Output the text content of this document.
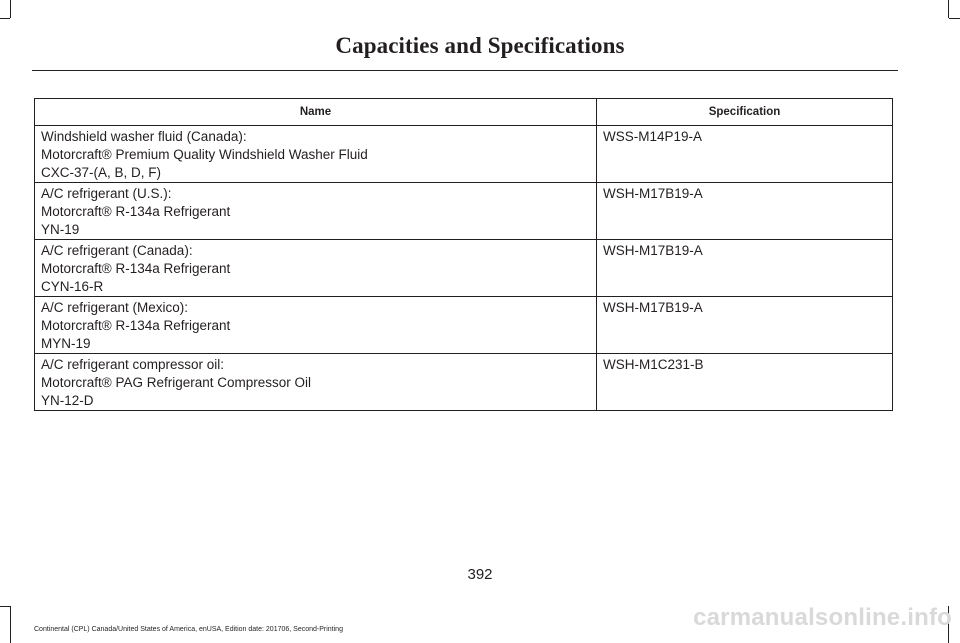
Capacities and Specifications
Name	Specification

Windshield washer fluid (Canada):
Motorcraft® Premium Quality Windshield Washer Fluid
CXC-37-(A, B, D, F)	WSS-M14P19-A

A/C refrigerant (U.S.):
Motorcraft® R-134a Refrigerant
YN-19	WSH-M17B19-A

A/C refrigerant (Canada):
Motorcraft® R-134a Refrigerant
CYN-16-R	WSH-M17B19-A

A/C refrigerant (Mexico):
Motorcraft® R-134a Refrigerant
MYN-19	WSH-M17B19-A

A/C refrigerant compressor oil:
Motorcraft® PAG Refrigerant Compressor Oil
YN-12-D	WSH-M1C231-B
392
Continental (CPL) Canada/United States of America, enUSA, Edition date: 201706, Second-Printing	carmanualsonline.info
